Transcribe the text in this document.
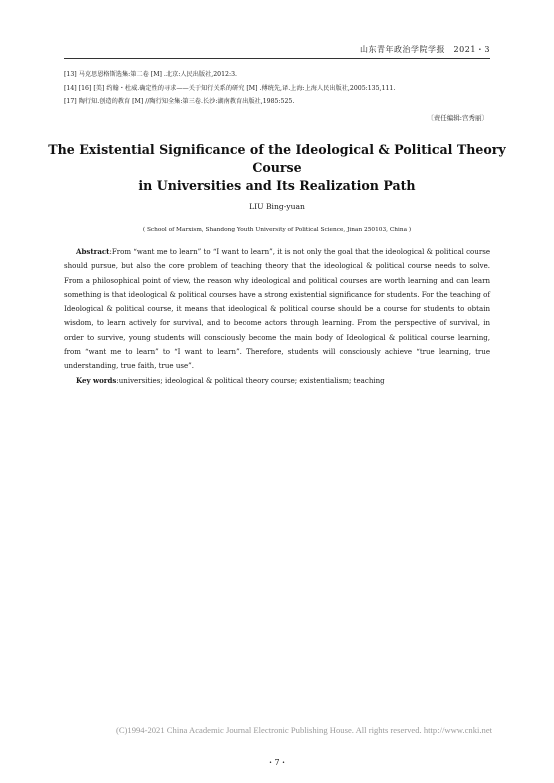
山东青年政治学院学报　2021・3
[13] 马克思恩格斯选集:第二卷 [M] .北京:人民出版社,2012:3.
[14] [16] [美] 约翰・杜威.确定性的寻求——关于知行关系的研究 [M] .傅统先,译.上海:上海人民出版社,2005:135,111.
[17] 陶行知.创造的教育 [M] //陶行知全集:第三卷.长沙:湖南教育出版社,1985:525.
〔责任编辑:宫秀丽〕
The Existential Significance of the Ideological & Political Theory Course
in Universities and Its Realization Path
LIU Bing-yuan
( School of Marxism, Shandong Youth University of Political Science, Jinan 250103, China )

Abstract:From “want me to learn” to “I want to learn”, it is not only the goal that the ideological & political course should pursue, but also the core problem of teaching theory that the ideological & political course needs to solve. From a philosophical point of view, the reason why ideological and political courses are worth learning and can learn something is that ideological & political courses have a strong existential significance for students. For the teaching of Ideological & political course, it means that ideological & political course should be a course for students to obtain wisdom, to learn actively for survival, and to become actors through learning. From the perspective of survival, in order to survive, young students will consciously become the main body of Ideological & political course learning, from “want me to learn” to “I want to learn”. Therefore, students will consciously achieve “true learning, true understanding, true faith, true use”.

Key words:universities; ideological & political theory course; existentialism; teaching

(C)1994-2021 China Academic Journal Electronic Publishing House. All rights reserved. http://www.cnki.net
・7・
